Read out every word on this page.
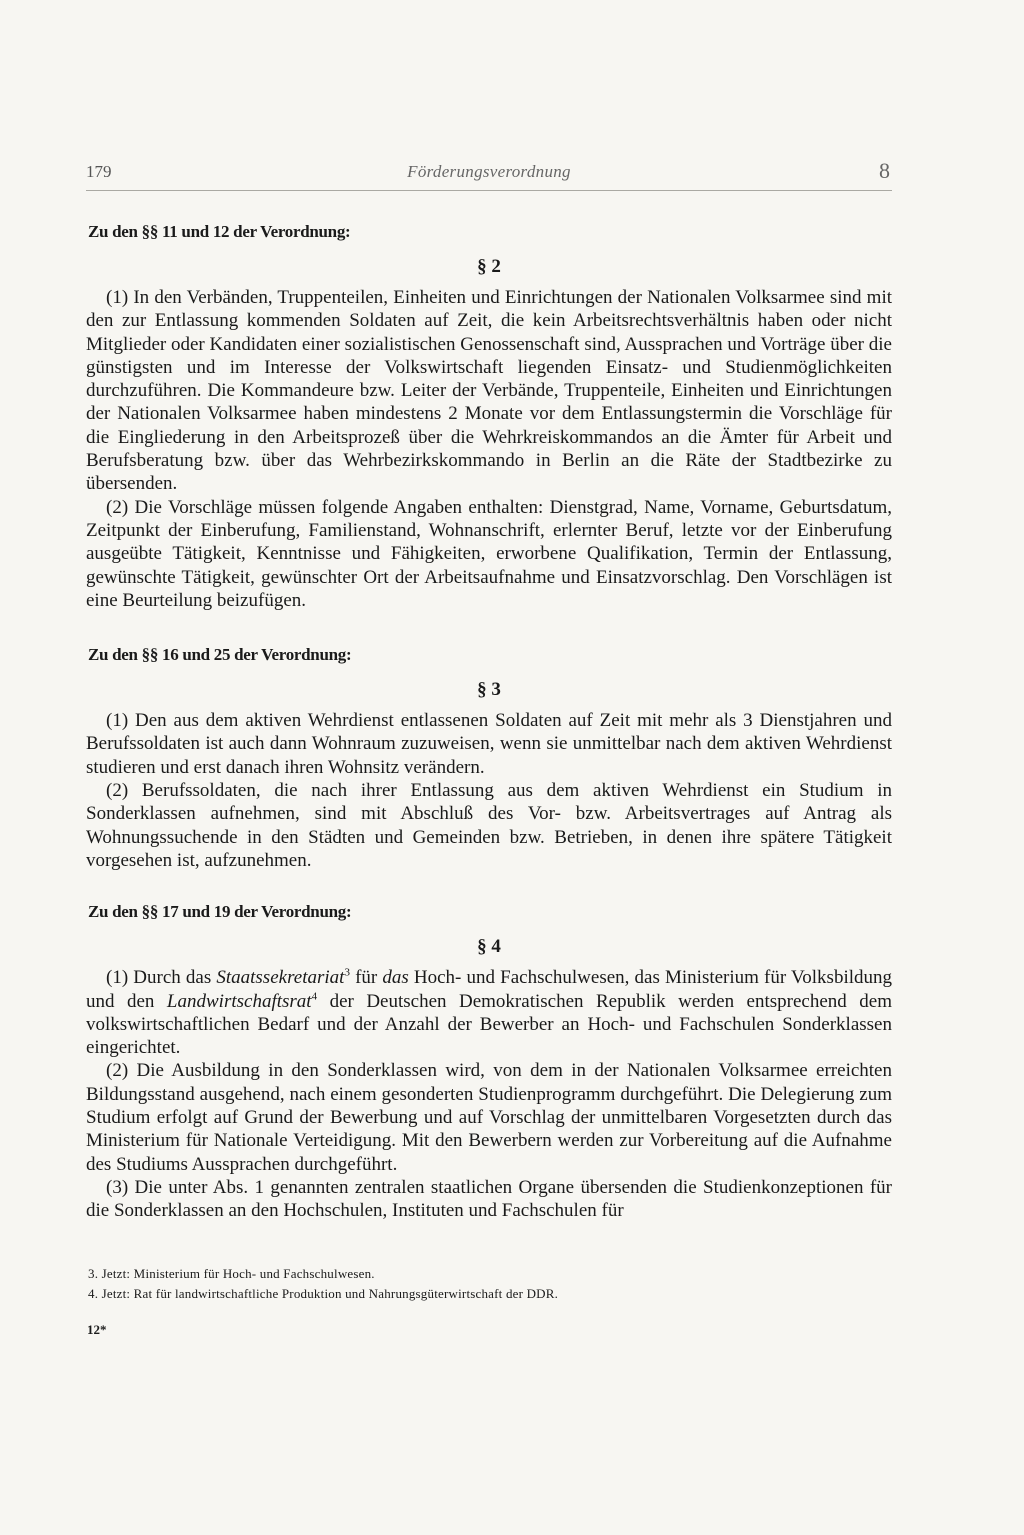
179	Förderungsverordnung	8

Zu den §§ 11 und 12 der Verordnung:

§ 2

(1) In den Verbänden, Truppenteilen, Einheiten und Einrichtungen der Nationalen Volksarmee sind mit den zur Entlassung kommenden Soldaten auf Zeit, die kein Arbeitsrechtsverhältnis haben oder nicht Mitglieder oder Kandidaten einer sozialistischen Genossenschaft sind, Aussprachen und Vorträge über die günstigsten und im Interesse der Volkswirtschaft liegenden Einsatz- und Studienmöglichkeiten durchzuführen. Die Kommandeure bzw. Leiter der Verbände, Truppenteile, Einheiten und Einrichtungen der Nationalen Volksarmee haben mindestens 2 Monate vor dem Entlassungstermin die Vorschläge für die Eingliederung in den Arbeitsprozeß über die Wehrkreiskommandos an die Ämter für Arbeit und Berufsberatung bzw. über das Wehrbezirkskommando in Berlin an die Räte der Stadtbezirke zu übersenden.

(2) Die Vorschläge müssen folgende Angaben enthalten: Dienstgrad, Name, Vorname, Geburtsdatum, Zeitpunkt der Einberufung, Familienstand, Wohnanschrift, erlernter Beruf, letzte vor der Einberufung ausgeübte Tätigkeit, Kenntnisse und Fähigkeiten, erworbene Qualifikation, Termin der Entlassung, gewünschte Tätigkeit, gewünschter Ort der Arbeitsaufnahme und Einsatzvorschlag. Den Vorschlägen ist eine Beurteilung beizufügen.

Zu den §§ 16 und 25 der Verordnung:

§ 3

(1) Den aus dem aktiven Wehrdienst entlassenen Soldaten auf Zeit mit mehr als 3 Dienstjahren und Berufssoldaten ist auch dann Wohnraum zuzuweisen, wenn sie unmittelbar nach dem aktiven Wehrdienst studieren und erst danach ihren Wohnsitz verändern.

(2) Berufssoldaten, die nach ihrer Entlassung aus dem aktiven Wehrdienst ein Studium in Sonderklassen aufnehmen, sind mit Abschluß des Vor- bzw. Arbeitsvertrages auf Antrag als Wohnungssuchende in den Städten und Gemeinden bzw. Betrieben, in denen ihre spätere Tätigkeit vorgesehen ist, aufzunehmen.

Zu den §§ 17 und 19 der Verordnung:

§ 4

(1) Durch das Staatssekretariat$^3$ für das Hoch- und Fachschulwesen, das Ministerium für Volksbildung und den Landwirtschaftsrat$^4$ der Deutschen Demokratischen Republik werden entsprechend dem volkswirtschaftlichen Bedarf und der Anzahl der Bewerber an Hoch- und Fachschulen Sonderklassen eingerichtet.

(2) Die Ausbildung in den Sonderklassen wird, von dem in der Nationalen Volksarmee erreichten Bildungsstand ausgehend, nach einem gesonderten Studienprogramm durchgeführt. Die Delegierung zum Studium erfolgt auf Grund der Bewerbung und auf Vorschlag der unmittelbaren Vorgesetzten durch das Ministerium für Nationale Verteidigung. Mit den Bewerbern werden zur Vorbereitung auf die Aufnahme des Studiums Aussprachen durchgeführt.

(3) Die unter Abs. 1 genannten zentralen staatlichen Organe übersenden die Studienkonzeptionen für die Sonderklassen an den Hochschulen, Instituten und Fachschulen für

3. Jetzt: Ministerium für Hoch- und Fachschulwesen.

4. Jetzt: Rat für landwirtschaftliche Produktion und Nahrungsgüterwirtschaft der DDR.

12*
